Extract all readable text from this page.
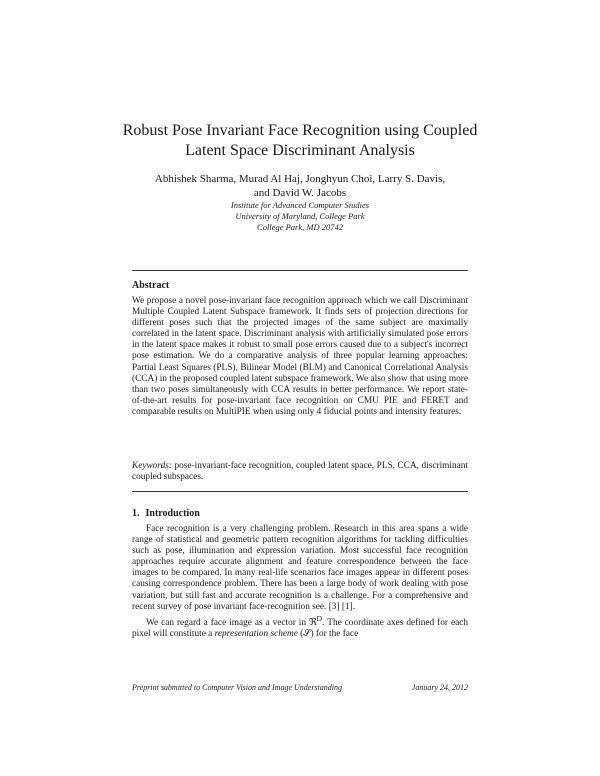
Robust Pose Invariant Face Recognition using Coupled
Latent Space Discriminant Analysis
Abhishek Sharma, Murad Al Haj, Jonghyun Choi, Larry S. Davis,
and David W. Jacobs
Institute for Advanced Computer Studies
University of Maryland, College Park
College Park, MD 20742
Abstract

We propose a novel pose-invariant face recognition approach which we call Discriminant Multiple Coupled Latent Subspace framework. It finds sets of projection directions for different poses such that the projected images of the same subject are maximally correlated in the latent space. Discriminant analysis with artificially simulated pose errors in the latent space makes it robust to small pose errors caused due to a subject's incorrect pose estimation. We do a comparative analysis of three popular learning approaches: Partial Least Squares (PLS), Bilinear Model (BLM) and Canonical Correlational Analysis (CCA) in the proposed coupled latent subspace framework. We also show that using more than two poses simultaneously with CCA results in better performance. We report state-of-the-art results for pose-invariant face recognition on CMU PIE and FERET and comparable results on MultiPIE when using only 4 fiducial points and intensity features.

Keywords: pose-invariant-face recognition, coupled latent space, PLS, CCA, discriminant coupled subspaces.

1. Introduction

Face recognition is a very challenging problem. Research in this area spans a wide range of statistical and geometric pattern recognition algorithms for tackling difficulties such as pose, illumination and expression variation. Most successful face recognition approaches require accurate alignment and feature correspondence between the face images to be compared. In many real-life scenarios face images appear in different poses causing correspondence problem. There has been a large body of work dealing with pose variation, but still fast and accurate recognition is a challenge. For a comprehensive and recent survey of pose invariant face-recognition see. [3] [1].

We can regard a face image as a vector in ℜ$^D$. The coordinate axes defined for each pixel will constitute a representation scheme (𝒮) for the face

Preprint submitted to Computer Vision and Image Understanding	January 24, 2012
